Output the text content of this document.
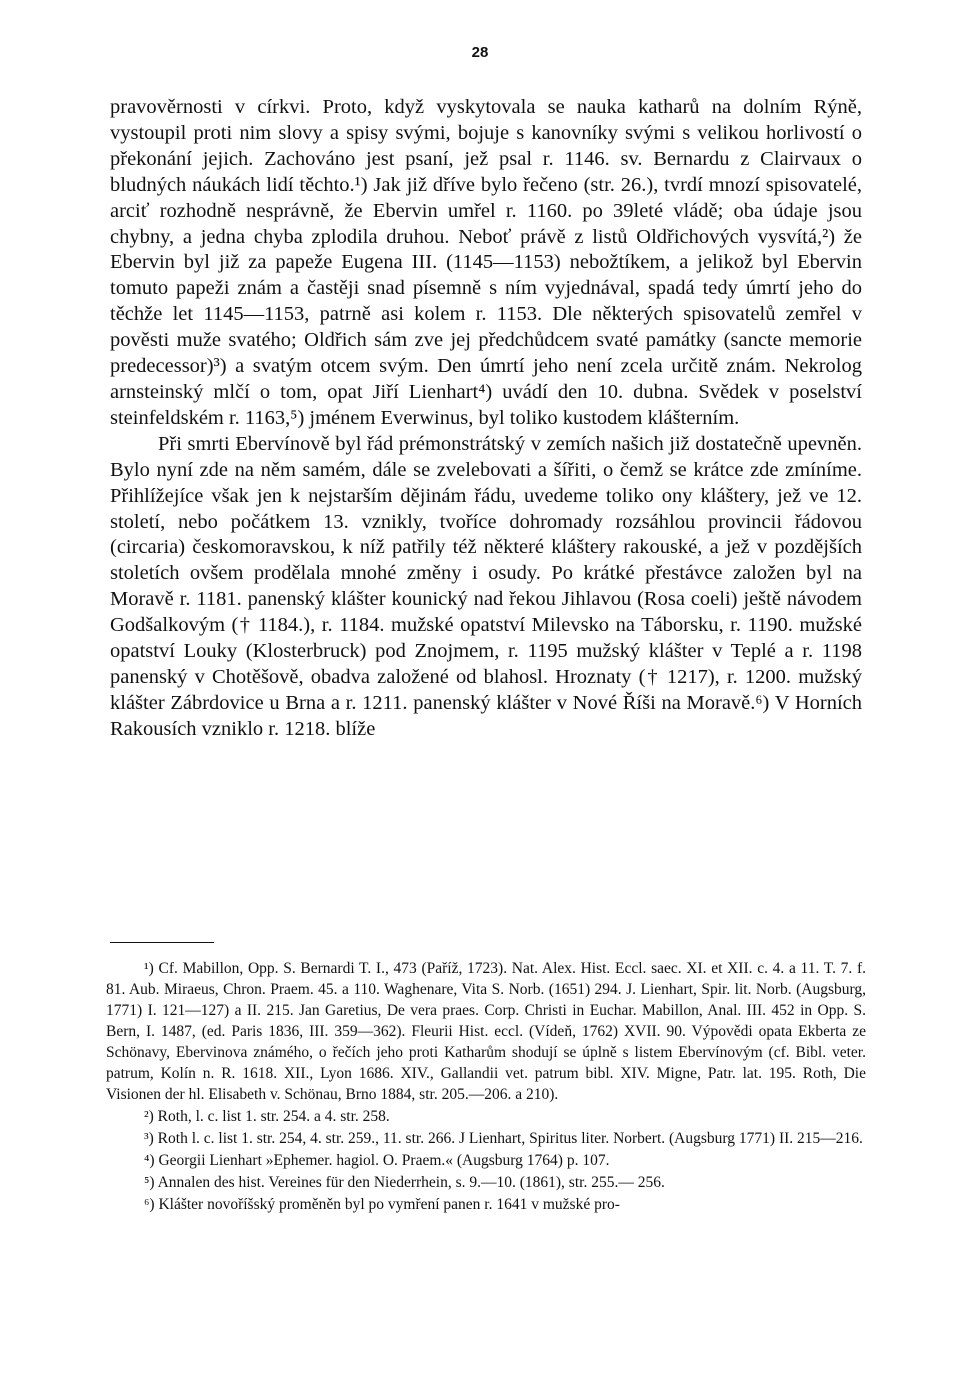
28

pravověrnosti v církvi. Proto, když vyskytovala se nauka katharů na dolním Rýně, vystoupil proti nim slovy a spisy svými, bojuje s kanovníky svými s velikou horlivostí o překonání jejich. Zachováno jest psaní, jež psal r. 1146. sv. Bernardu z Clairvaux o bludných náukách lidí těchto.¹) Jak již dříve bylo řečeno (str. 26.), tvrdí mnozí spisovatelé, arciť rozhodně nesprávně, že Ebervin umřel r. 1160. po 39leté vládě; oba údaje jsou chybny, a jedna chyba zplodila druhou. Neboť právě z listů Oldřichových vysvítá,²) že Ebervin byl již za papeže Eugena III. (1145—1153) nebožtíkem, a jelikož byl Ebervin tomuto papeži znám a častěji snad písemně s ním vyjednával, spadá tedy úmrtí jeho do těchže let 1145—1153, patrně asi kolem r. 1153. Dle některých spisovatelů zemřel v pověsti muže svatého; Oldřich sám zve jej předchůdcem svaté památky (sancte memorie predecessor)³) a svatým otcem svým. Den úmrtí jeho není zcela určitě znám. Nekrolog arnsteinský mlčí o tom, opat Jiří Lienhart⁴) uvádí den 10. dubna. Svědek v poselství steinfeldském r. 1163,⁵) jménem Everwinus, byl toliko kustodem klášterním.

Při smrti Ebervínově byl řád prémonstrátský v zemích našich již dostatečně upevněn. Bylo nyní zde na něm samém, dále se zvelebovati a šířiti, o čemž se krátce zde zmíníme. Přihlížejíce však jen k nejstarším dějinám řádu, uvedeme toliko ony kláštery, jež ve 12. století, nebo počátkem 13. vznikly, tvoříce dohromady rozsáhlou provincii řádovou (circaria) českomoravskou, k níž patřily též některé kláštery rakouské, a jež v pozdějších stoletích ovšem prodělala mnohé změny i osudy. Po krátké přestávce založen byl na Moravě r. 1181. panenský klášter kounický nad řekou Jihlavou (Rosa coeli) ještě návodem Godšalkovým († 1184.), r. 1184. mužské opatství Milevsko na Táborsku, r. 1190. mužské opatství Louky (Klosterbruck) pod Znojmem, r. 1195 mužský klášter v Teplé a r. 1198 panenský v Chotěšově, obadva založené od blahosl. Hroznaty († 1217), r. 1200. mužský klášter Zábrdovice u Brna a r. 1211. panenský klášter v Nové Říši na Moravě.⁶) V Horních Rakousích vzniklo r. 1218. blíže

¹) Cf. Mabillon, Opp. S. Bernardi T. I., 473 (Paříž, 1723). Nat. Alex. Hist. Eccl. saec. XI. et XII. c. 4. a 11. T. 7. f. 81. Aub. Miraeus, Chron. Praem. 45. a 110. Waghenare, Vita S. Norb. (1651) 294. J. Lienhart, Spir. lit. Norb. (Augsburg, 1771) I. 121—127) a II. 215. Jan Garetius, De vera praes. Corp. Christi in Euchar. Mabillon, Anal. III. 452 in Opp. S. Bern, I. 1487, (ed. Paris 1836, III. 359—362). Fleurii Hist. eccl. (Vídeň, 1762) XVII. 90. Výpovědi opata Ekberta ze Schönavy, Ebervinova známého, o řečích jeho proti Katharům shodují se úplně s listem Ebervínovým (cf. Bibl. veter. patrum, Kolín n. R. 1618. XII., Lyon 1686. XIV., Gallandii vet. patrum bibl. XIV. Migne, Patr. lat. 195. Roth, Die Visionen der hl. Elisabeth v. Schönau, Brno 1884, str. 205.—206. a 210).

²) Roth, l. c. list 1. str. 254. a 4. str. 258.

³) Roth l. c. list 1. str. 254, 4. str. 259., 11. str. 266. J Lienhart, Spiritus liter. Norbert. (Augsburg 1771) II. 215—216.

⁴) Georgii Lienhart »Ephemer. hagiol. O. Praem.« (Augsburg 1764) p. 107.

⁵) Annalen des hist. Vereines für den Niederrhein, s. 9.—10. (1861), str. 255.— 256.

⁶) Klášter novoříšský proměněn byl po vymření panen r. 1641 v mužské pro-
